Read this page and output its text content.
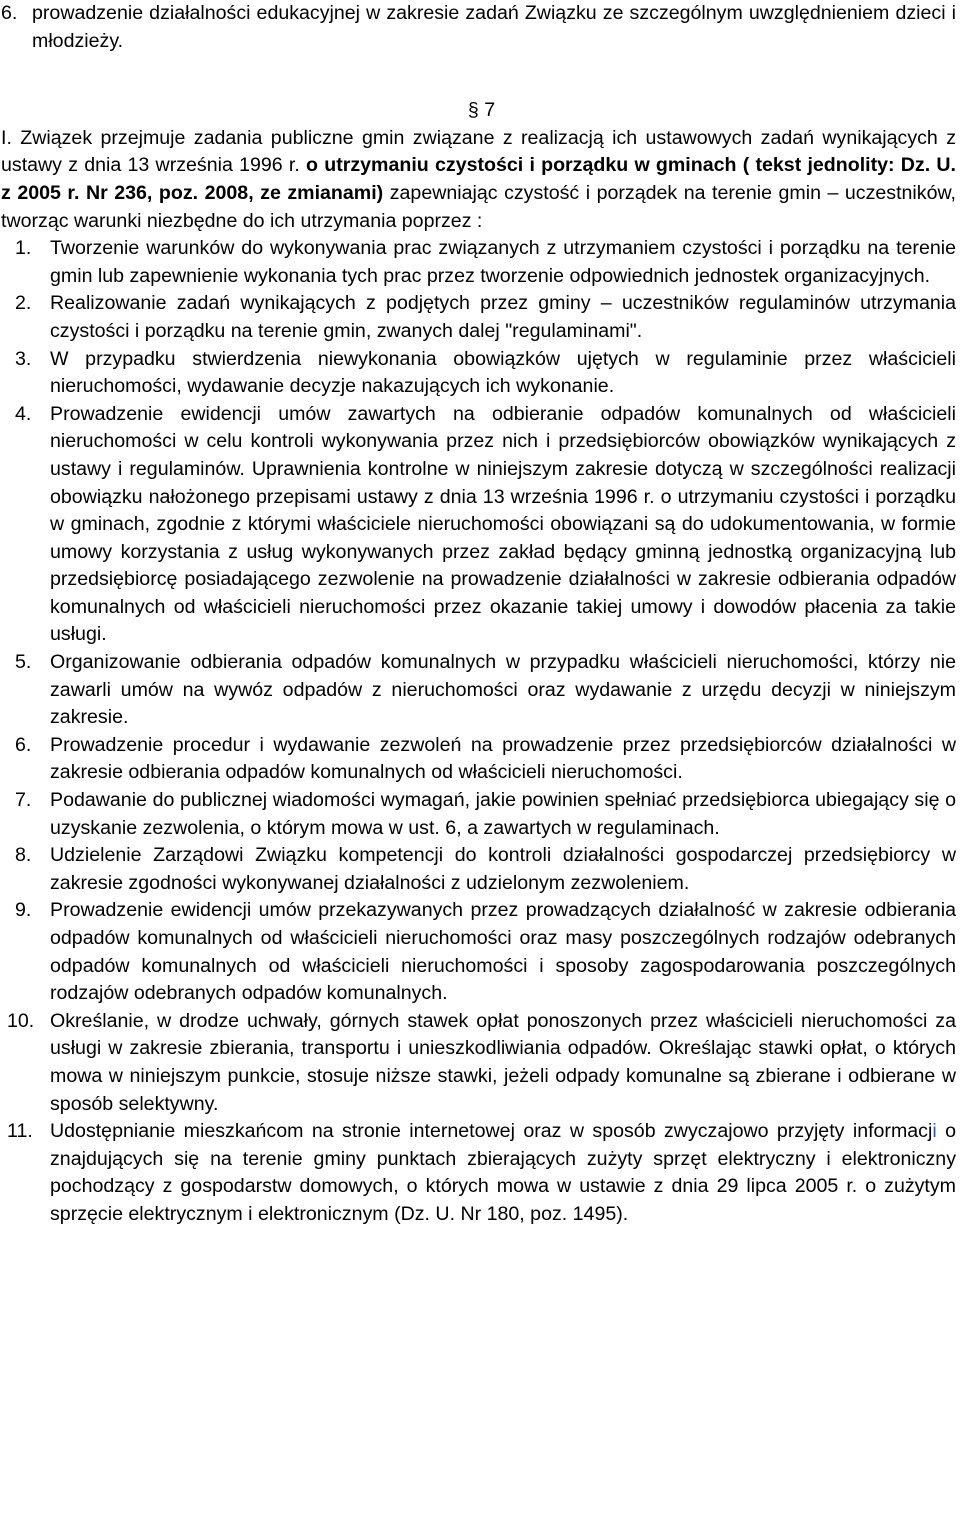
6. prowadzenie działalności edukacyjnej w zakresie zadań Związku ze szczególnym uwzględnieniem dzieci i młodzieży.

§ 7

I. Związek przejmuje zadania publiczne gmin związane z realizacją ich ustawowych zadań wynikających z ustawy z dnia 13 września 1996 r. o utrzymaniu czystości i porządku w gminach ( tekst jednolity: Dz. U. z 2005 r. Nr 236, poz. 2008, ze zmianami) zapewniając czystość i porządek na terenie gmin – uczestników, tworząc warunki niezbędne do ich utrzymania poprzez :

1. Tworzenie warunków do wykonywania prac związanych z utrzymaniem czystości i porządku na terenie gmin lub zapewnienie wykonania tych prac przez tworzenie odpowiednich jednostek organizacyjnych.

2. Realizowanie zadań wynikających z podjętych przez gminy – uczestników regulaminów utrzymania czystości i porządku na terenie gmin, zwanych dalej "regulaminami".

3. W przypadku stwierdzenia niewykonania obowiązków ujętych w regulaminie przez właścicieli nieruchomości, wydawanie decyzje nakazujących ich wykonanie.

4. Prowadzenie ewidencji umów zawartych na odbieranie odpadów komunalnych od właścicieli nieruchomości w celu kontroli wykonywania przez nich i przedsiębiorców obowiązków wynikających z ustawy i regulaminów. Uprawnienia kontrolne w niniejszym zakresie dotyczą w szczególności realizacji obowiązku nałożonego przepisami ustawy z dnia 13 września 1996 r. o utrzymaniu czystości i porządku w gminach, zgodnie z którymi właściciele nieruchomości obowiązani są do udokumentowania, w formie umowy korzystania z usług wykonywanych przez zakład będący gminną jednostką organizacyjną lub przedsiębiorcę posiadającego zezwolenie na prowadzenie działalności w zakresie odbierania odpadów komunalnych od właścicieli nieruchomości przez okazanie takiej umowy i dowodów płacenia za takie usługi.

5. Organizowanie odbierania odpadów komunalnych w przypadku właścicieli nieruchomości, którzy nie zawarli umów na wywóz odpadów z nieruchomości oraz wydawanie z urzędu decyzji w niniejszym zakresie.

6. Prowadzenie procedur i wydawanie zezwoleń na prowadzenie przez przedsiębiorców działalności w zakresie odbierania odpadów komunalnych od właścicieli nieruchomości.

7. Podawanie do publicznej wiadomości wymagań, jakie powinien spełniać przedsiębiorca ubiegający się o uzyskanie zezwolenia, o którym mowa w ust. 6, a zawartych w regulaminach.

8. Udzielenie Zarządowi Związku kompetencji do kontroli działalności gospodarczej przedsiębiorcy w zakresie zgodności wykonywanej działalności z udzielonym zezwoleniem.

9. Prowadzenie ewidencji umów przekazywanych przez prowadzących działalność w zakresie odbierania odpadów komunalnych od właścicieli nieruchomości oraz masy poszczególnych rodzajów odebranych odpadów komunalnych od właścicieli nieruchomości i sposoby zagospodarowania poszczególnych rodzajów odebranych odpadów komunalnych.

10. Określanie, w drodze uchwały, górnych stawek opłat ponoszonych przez właścicieli nieruchomości za usługi w zakresie zbierania, transportu i unieszkodliwiania odpadów. Określając stawki opłat, o których mowa w niniejszym punkcie, stosuje niższe stawki, jeżeli odpady komunalne są zbierane i odbierane w sposób selektywny.

11. Udostępnianie mieszkańcom na stronie internetowej oraz w sposób zwyczajowo przyjęty informacji o znajdujących się na terenie gminy punktach zbierających zużyty sprzęt elektryczny i elektroniczny pochodzący z gospodarstw domowych, o których mowa w ustawie z dnia 29 lipca 2005 r. o zużytym sprzęcie elektrycznym i elektronicznym (Dz. U. Nr 180, poz. 1495).
